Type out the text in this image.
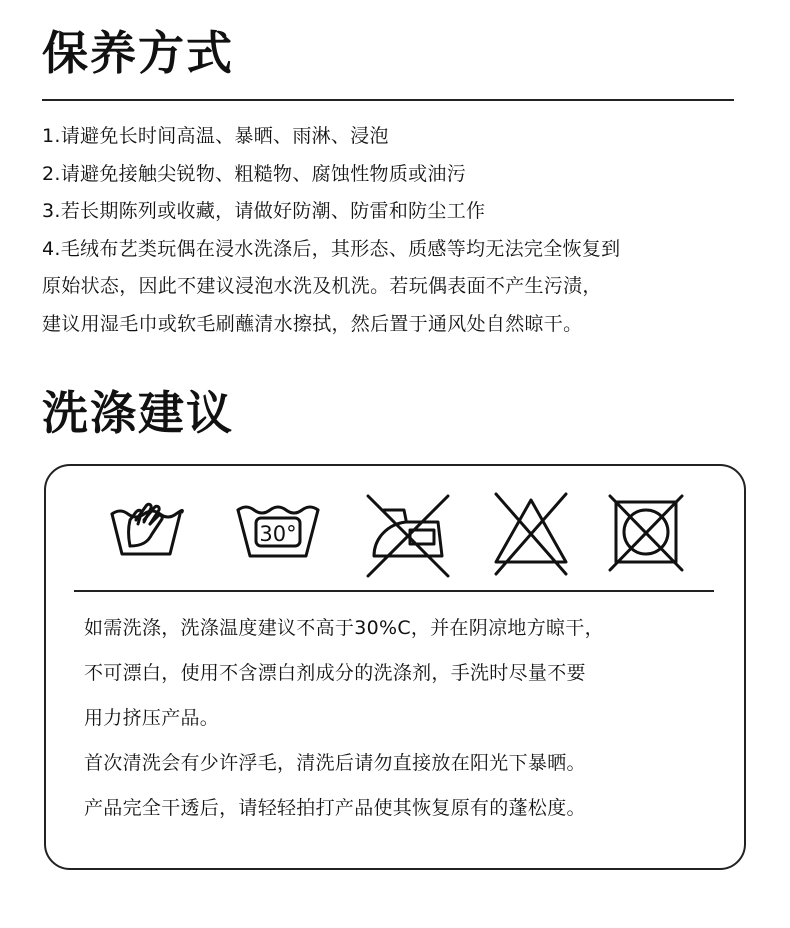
保养方式
1.请避免长时间高温、暴晒、雨淋、浸泡
2.请避免接触尖锐物、粗糙物、腐蚀性物质或油污
3.若长期陈列或收藏，请做好防潮、防雷和防尘工作
4.毛绒布艺类玩偶在浸水洗涤后，其形态、质感等均无法完全恢复到
原始状态，因此不建议浸泡水洗及机洗。若玩偶表面不产生污渍，
建议用湿毛巾或软毛刷蘸清水擦拭，然后置于通风处自然晾干。
洗涤建议
30°
如需洗涤，洗涤温度建议不高于30%C，并在阴凉地方晾干，
不可漂白，使用不含漂白剂成分的洗涤剂，手洗时尽量不要
用力挤压产品。
首次清洗会有少许浮毛，清洗后请勿直接放在阳光下暴晒。
产品完全干透后，请轻轻拍打产品使其恢复原有的蓬松度。
